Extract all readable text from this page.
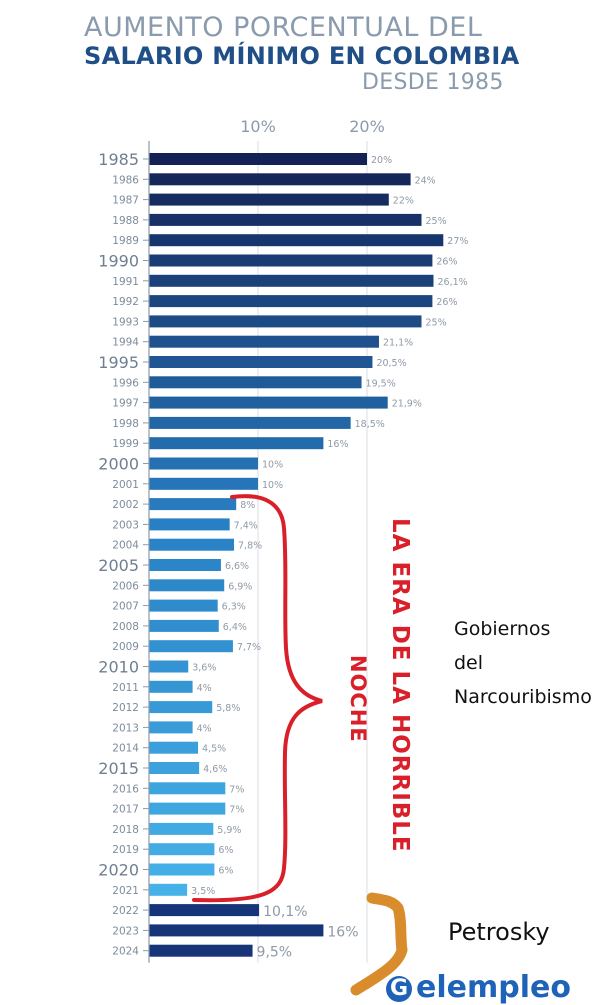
AUMENTO PORCENTUAL DEL
SALARIO MÍNIMO EN COLOMBIA
DESDE 1985
10%	20%
1985
1986
1987
1988
1989
1990
1991
1992
1993
1994
1995
1996
1997
1998
1999
2000
2001
2002
2003
2004
2005
2006
2007
2008
2009
2010
2011
2012
2013
2014
2015
2016
2017
2018
2019
2020
2021
2022
2023
2024
20%
24%
22%
25%
27%
26%
26,1%
26%
25%
21,1%
20,5%
19,5%
21,9%
18,5%
16%
10%
10%
8%
7,4%
7,8%
6,6%
6,9%
6,3%
6,4%
7,7%
3,6%
4%
5,8%
4%
4,5%
4,6%
7%
7%
5,9%
6%
6%
3,5%
10,1%
16%
9,5%
LA ERA DE LA HORRIBLE
NOCHE
Gobiernos
del
Narcouribismo
Petrosky
G elempleo
